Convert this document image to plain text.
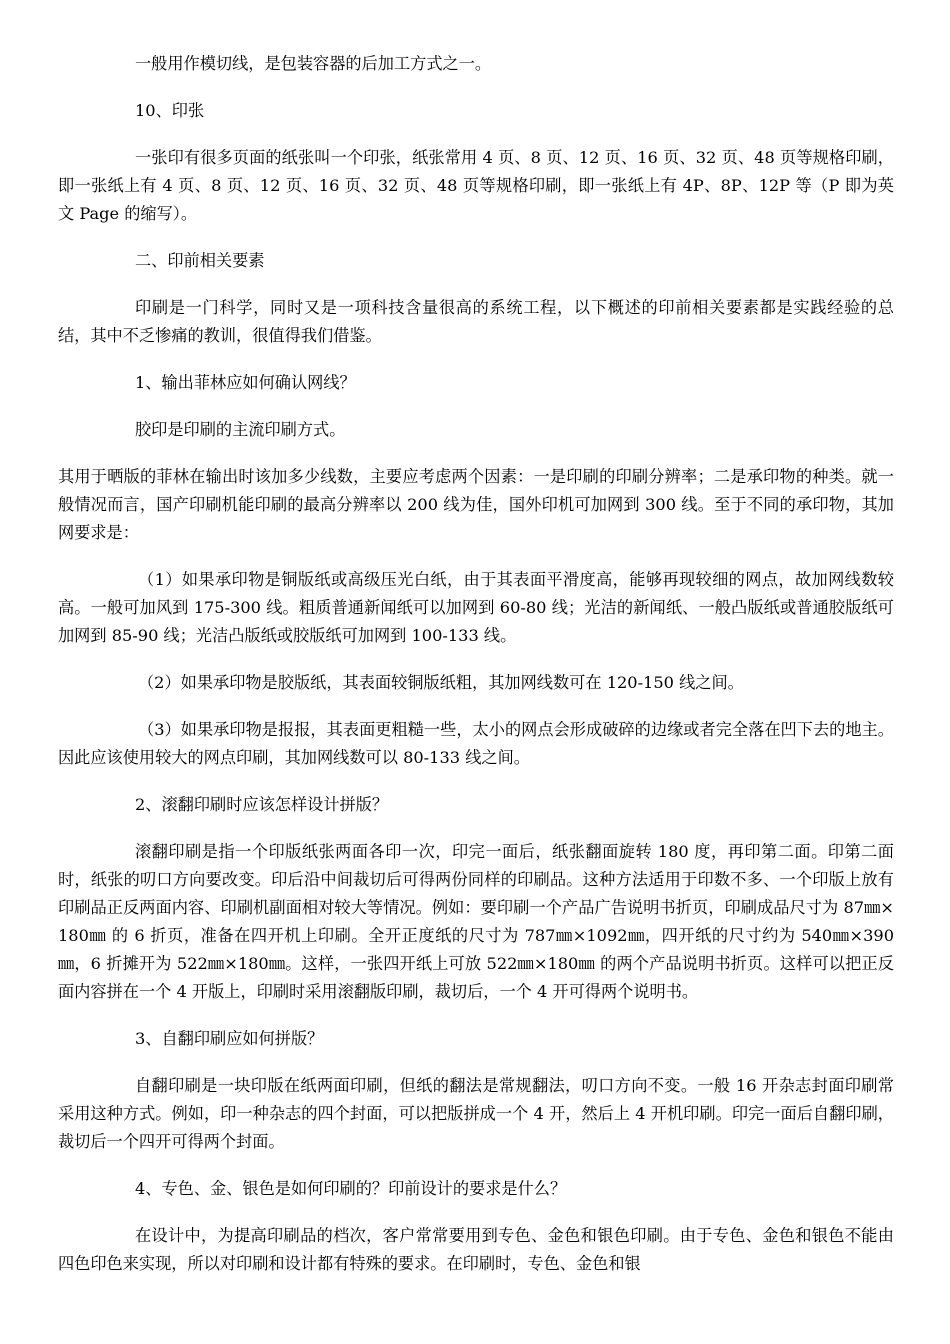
一般用作模切线，是包装容器的后加工方式之一。

10、印张

一张印有很多页面的纸张叫一个印张，纸张常用 4 页、8 页、12 页、16 页、32 页、48 页等规格印刷，即一张纸上有 4 页、8 页、12 页、16 页、32 页、48 页等规格印刷，即一张纸上有 4P、8P、12P 等（P 即为英文 Page 的缩写）。

二、印前相关要素

印刷是一门科学，同时又是一项科技含量很高的系统工程，以下概述的印前相关要素都是实践经验的总结，其中不乏惨痛的教训，很值得我们借鉴。

1、输出菲林应如何确认网线？

胶印是印刷的主流印刷方式。

其用于晒版的菲林在输出时该加多少线数，主要应考虑两个因素：一是印刷的印刷分辨率；二是承印物的种类。就一般情况而言，国产印刷机能印刷的最高分辨率以 200 线为佳，国外印机可加网到 300 线。至于不同的承印物，其加网要求是：

（1）如果承印物是铜版纸或高级压光白纸，由于其表面平滑度高，能够再现较细的网点，故加网线数较高。一般可加风到 175-300 线。粗质普通新闻纸可以加网到 60-80 线；光洁的新闻纸、一般凸版纸或普通胶版纸可加网到 85-90 线；光洁凸版纸或胶版纸可加网到 100-133 线。

（2）如果承印物是胶版纸，其表面较铜版纸粗，其加网线数可在 120-150 线之间。

（3）如果承印物是报报，其表面更粗糙一些，太小的网点会形成破碎的边缘或者完全落在凹下去的地主。因此应该使用较大的网点印刷，其加网线数可以 80-133 线之间。

2、滚翻印刷时应该怎样设计拼版？

滚翻印刷是指一个印版纸张两面各印一次，印完一面后，纸张翻面旋转 180 度，再印第二面。印第二面时，纸张的叨口方向要改变。印后沿中间裁切后可得两份同样的印刷品。这种方法适用于印数不多、一个印版上放有印刷品正反两面内容、印刷机副面相对较大等情况。例如：要印刷一个产品广告说明书折页，印刷成品尺寸为 87㎜×180㎜ 的 6 折页，准备在四开机上印刷。全开正度纸的尺寸为 787㎜×1092㎜，四开纸的尺寸约为 540㎜×390㎜，6 折摊开为 522㎜×180㎜。这样，一张四开纸上可放 522㎜×180㎜ 的两个产品说明书折页。这样可以把正反面内容拼在一个 4 开版上，印刷时采用滚翻版印刷，裁切后，一个 4 开可得两个说明书。

3、自翻印刷应如何拼版？

自翻印刷是一块印版在纸两面印刷，但纸的翻法是常规翻法，叨口方向不变。一般 16 开杂志封面印刷常采用这种方式。例如，印一种杂志的四个封面，可以把版拼成一个 4 开，然后上 4 开机印刷。印完一面后自翻印刷，裁切后一个四开可得两个封面。

4、专色、金、银色是如何印刷的？印前设计的要求是什么？

在设计中，为提高印刷品的档次，客户常常要用到专色、金色和银色印刷。由于专色、金色和银色不能由四色印色来实现，所以对印刷和设计都有特殊的要求。在印刷时，专色、金色和银
